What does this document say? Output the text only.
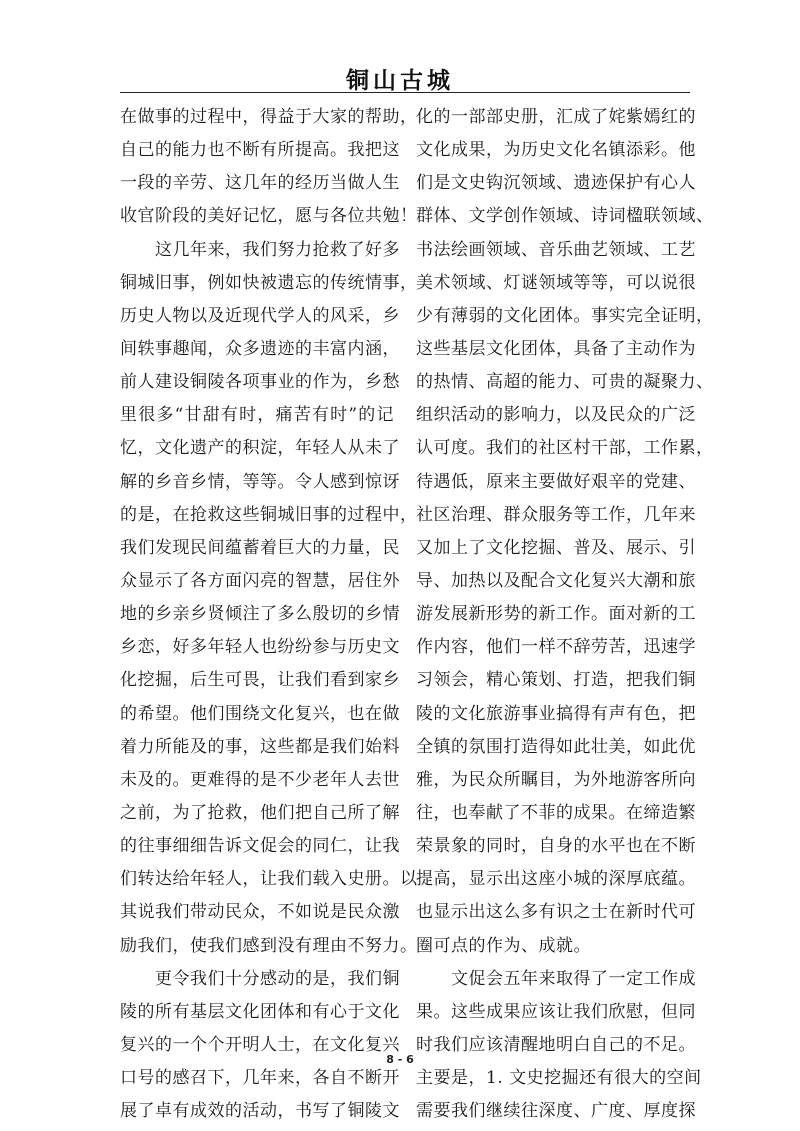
铜山古城
在做事的过程中，得益于大家的帮助，
自己的能力也不断有所提高。我把这
一段的辛劳、这几年的经历当做人生
收官阶段的美好记忆，愿与各位共勉！
　　这几年来，我们努力抢救了好多
铜城旧事，例如快被遗忘的传统情事，
历史人物以及近现代学人的风采，乡
间轶事趣闻，众多遗迹的丰富内涵，
前人建设铜陵各项事业的作为，乡愁
里很多“甘甜有时，痛苦有时”的记
忆，文化遗产的积淀，年轻人从未了
解的乡音乡情，等等。令人感到惊讶
的是，在抢救这些铜城旧事的过程中，
我们发现民间蕴蓄着巨大的力量，民
众显示了各方面闪亮的智慧，居住外
地的乡亲乡贤倾注了多么殷切的乡情
乡恋，好多年轻人也纷纷参与历史文
化挖掘，后生可畏，让我们看到家乡
的希望。他们围绕文化复兴，也在做
着力所能及的事，这些都是我们始料
未及的。更难得的是不少老年人去世
之前，为了抢救，他们把自己所了解
的往事细细告诉文促会的同仁，让我
们转达给年轻人，让我们载入史册。以
其说我们带动民众，不如说是民众激
励我们，使我们感到没有理由不努力。
　　更令我们十分感动的是，我们铜
陵的所有基层文化团体和有心于文化
复兴的一个个开明人士，在文化复兴
口号的感召下，几年来，各自不断开
展了卓有成效的活动，书写了铜陵文
化的一部部史册，汇成了姹紫嫣红的
文化成果，为历史文化名镇添彩。他
们是文史钩沉领域、遗迹保护有心人
群体、文学创作领域、诗词楹联领域、
书法绘画领域、音乐曲艺领域、工艺
美术领域、灯谜领域等等，可以说很
少有薄弱的文化团体。事实完全证明，
这些基层文化团体，具备了主动作为
的热情、高超的能力、可贵的凝聚力、
组织活动的影响力，以及民众的广泛
认可度。我们的社区村干部，工作累，
待遇低，原来主要做好艰辛的党建、
社区治理、群众服务等工作，几年来
又加上了文化挖掘、普及、展示、引
导、加热以及配合文化复兴大潮和旅
游发展新形势的新工作。面对新的工
作内容，他们一样不辞劳苦，迅速学
习领会，精心策划、打造，把我们铜
陵的文化旅游事业搞得有声有色，把
全镇的氛围打造得如此壮美，如此优
雅，为民众所瞩目，为外地游客所向
往，也奉献了不菲的成果。在缔造繁
荣景象的同时，自身的水平也在不断
提高，显示出这座小城的深厚底蕴。
也显示出这么多有识之士在新时代可
圈可点的作为、成就。
　　文促会五年来取得了一定工作成
果。这些成果应该让我们欣慰，但同
时我们应该清醒地明白自己的不足。
主要是，1. 文史挖掘还有很大的空间
需要我们继续往深度、广度、厚度探
8 - 6
